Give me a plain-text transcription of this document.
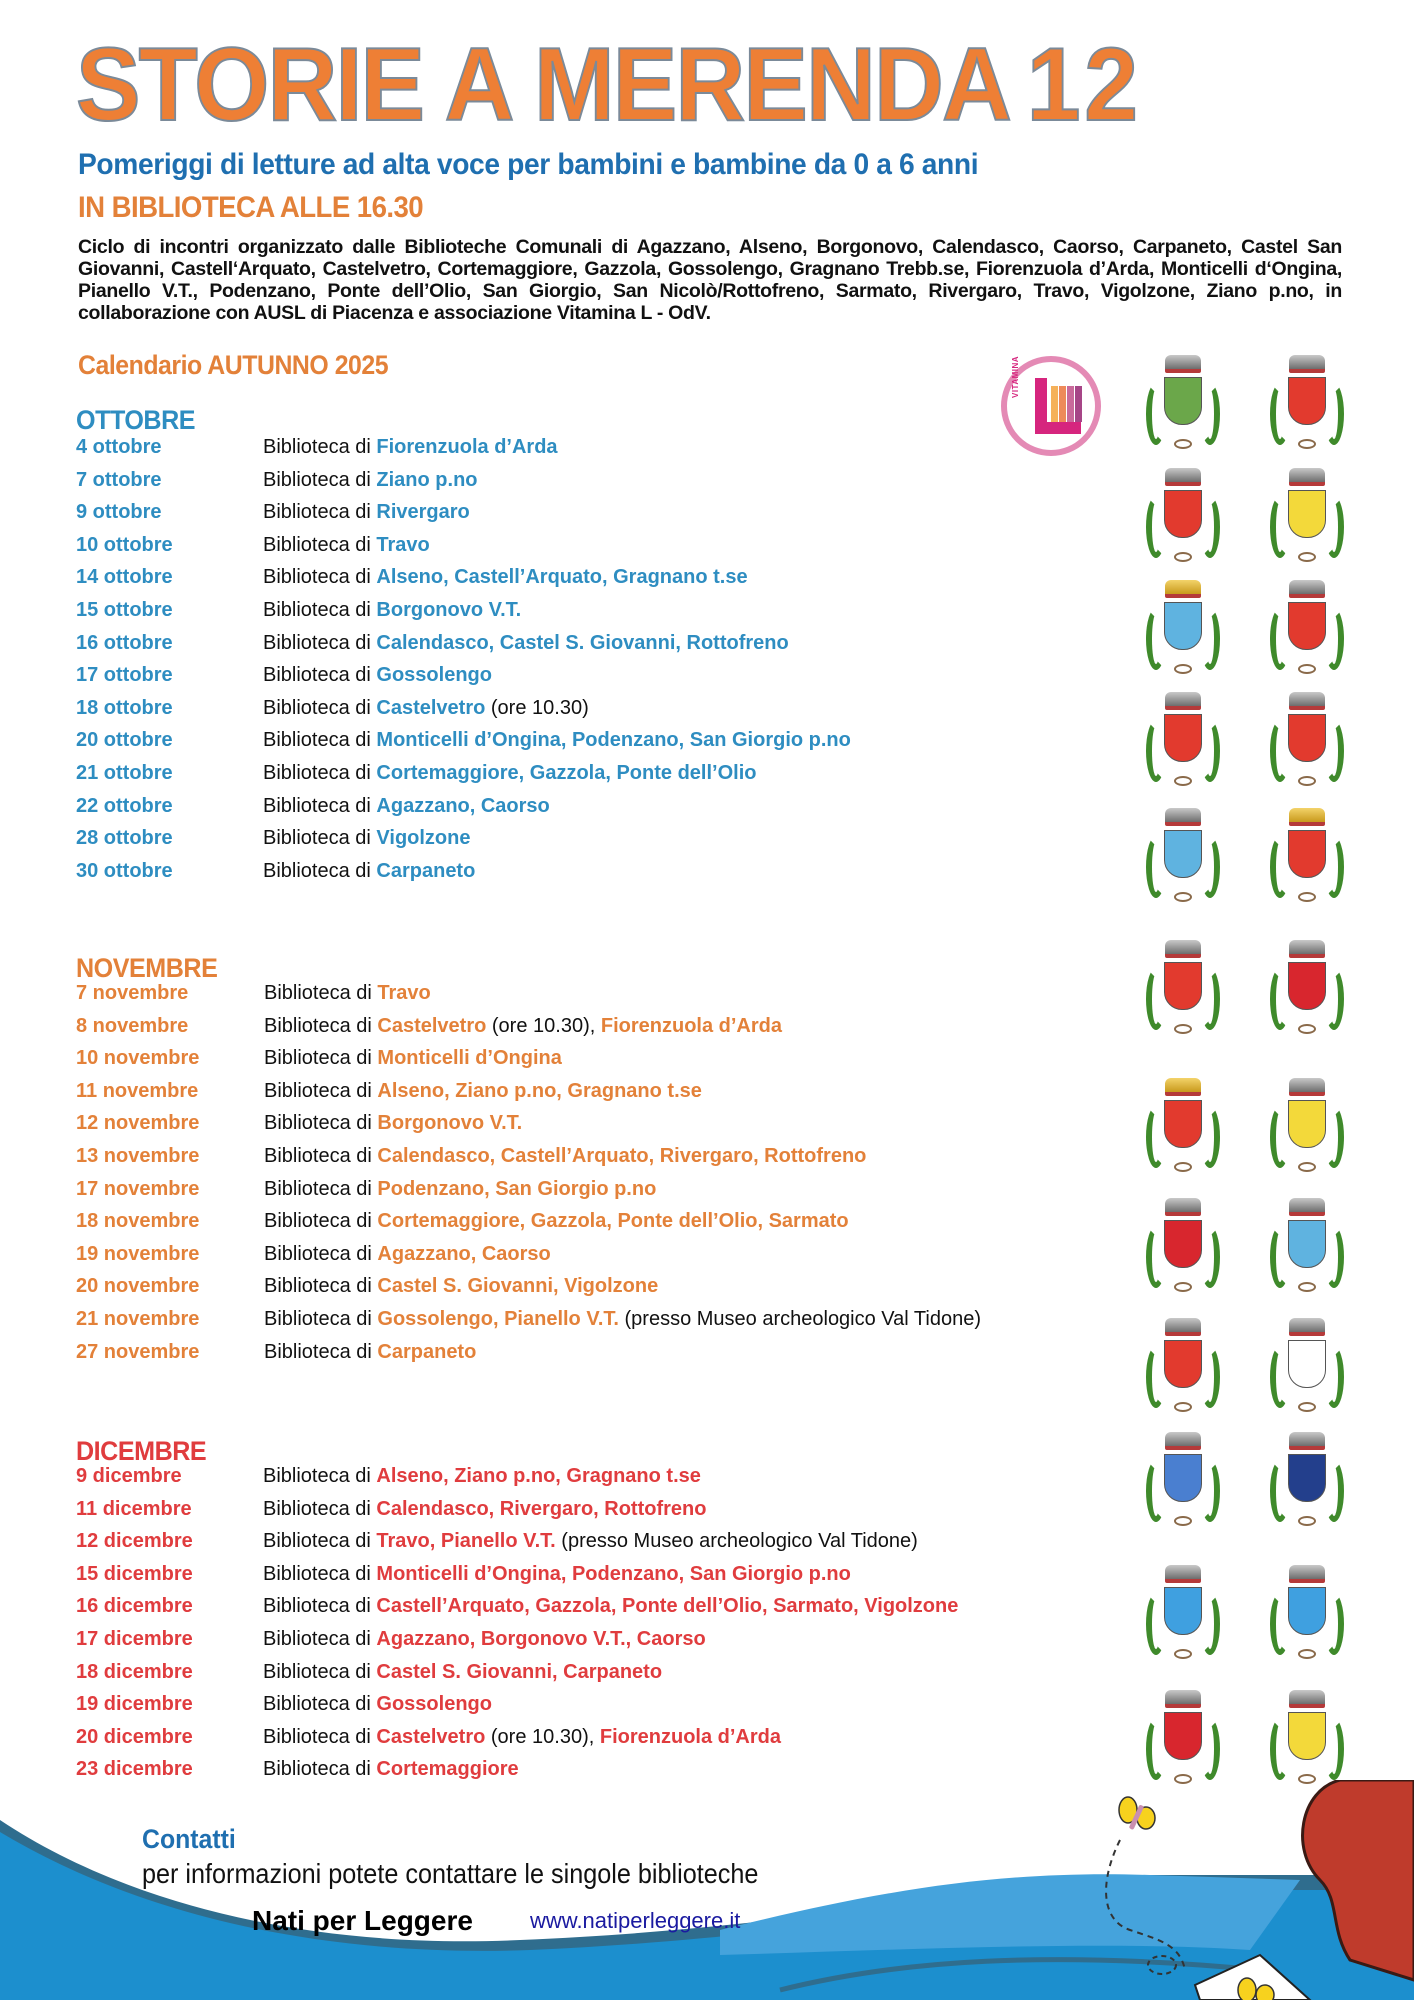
STORIE A MERENDA 12
Pomeriggi di letture ad alta voce per bambini e bambine da 0 a 6 anni
IN BIBLIOTECA ALLE 16.30
Ciclo di incontri organizzato dalle Biblioteche Comunali di Agazzano, Alseno, Borgonovo, Calendasco, Caorso, Carpaneto, Castel San Giovanni, Castell‘Arquato, Castelvetro, Cortemaggiore, Gazzola, Gossolengo, Gragnano Trebb.se, Fiorenzuola d’Arda, Monticelli d‘Ongina, Pianello V.T., Podenzano, Ponte dell’Olio, San Giorgio, San Nicolò/Rottofreno, Sarmato, Rivergaro, Travo, Vigolzone, Ziano p.no, in collaborazione con AUSL di Piacenza e associazione Vitamina L - OdV.
Calendario AUTUNNO 2025
OTTOBRE
4 ottobre	Biblioteca di Fiorenzuola d’Arda
7 ottobre	Biblioteca di Ziano p.no
9 ottobre	Biblioteca di Rivergaro
10 ottobre	Biblioteca di Travo
14 ottobre	Biblioteca di Alseno, Castell’Arquato, Gragnano t.se
15 ottobre	Biblioteca di Borgonovo V.T.
16 ottobre	Biblioteca di Calendasco, Castel S. Giovanni, Rottofreno
17 ottobre	Biblioteca di Gossolengo
18 ottobre	Biblioteca di Castelvetro (ore 10.30)
20 ottobre	Biblioteca di Monticelli d’Ongina, Podenzano, San Giorgio p.no
21 ottobre	Biblioteca di Cortemaggiore, Gazzola, Ponte dell’Olio
22 ottobre	Biblioteca di Agazzano, Caorso
28 ottobre	Biblioteca di Vigolzone
30 ottobre	Biblioteca di Carpaneto
NOVEMBRE
7 novembre	Biblioteca di Travo
8 novembre	Biblioteca di Castelvetro (ore 10.30), Fiorenzuola d’Arda
10 novembre	Biblioteca di Monticelli d’Ongina
11 novembre	Biblioteca di Alseno, Ziano p.no, Gragnano t.se
12 novembre	Biblioteca di Borgonovo V.T.
13 novembre	Biblioteca di Calendasco, Castell’Arquato, Rivergaro, Rottofreno
17 novembre	Biblioteca di Podenzano, San Giorgio p.no
18 novembre	Biblioteca di Cortemaggiore, Gazzola, Ponte dell’Olio, Sarmato
19 novembre	Biblioteca di Agazzano, Caorso
20 novembre	Biblioteca di Castel S. Giovanni, Vigolzone
21 novembre	Biblioteca di Gossolengo, Pianello V.T. (presso Museo archeologico Val Tidone)
27 novembre	Biblioteca di Carpaneto
DICEMBRE
9 dicembre	Biblioteca di Alseno, Ziano p.no, Gragnano t.se
11 dicembre	Biblioteca di Calendasco, Rivergaro, Rottofreno
12 dicembre	Biblioteca di Travo, Pianello V.T. (presso Museo archeologico Val Tidone)
15 dicembre	Biblioteca di Monticelli d’Ongina, Podenzano, San Giorgio p.no
16 dicembre	Biblioteca di Castell’Arquato, Gazzola, Ponte dell’Olio, Sarmato, Vigolzone
17 dicembre	Biblioteca di Agazzano, Borgonovo V.T., Caorso
18 dicembre	Biblioteca di Castel S. Giovanni, Carpaneto
19 dicembre	Biblioteca di Gossolengo
20 dicembre	Biblioteca di Castelvetro (ore 10.30), Fiorenzuola d’Arda
23 dicembre	Biblioteca di Cortemaggiore
VITAMINA
Contatti
per informazioni potete contattare le singole biblioteche
Nati per Leggere	www.natiperleggere.it
